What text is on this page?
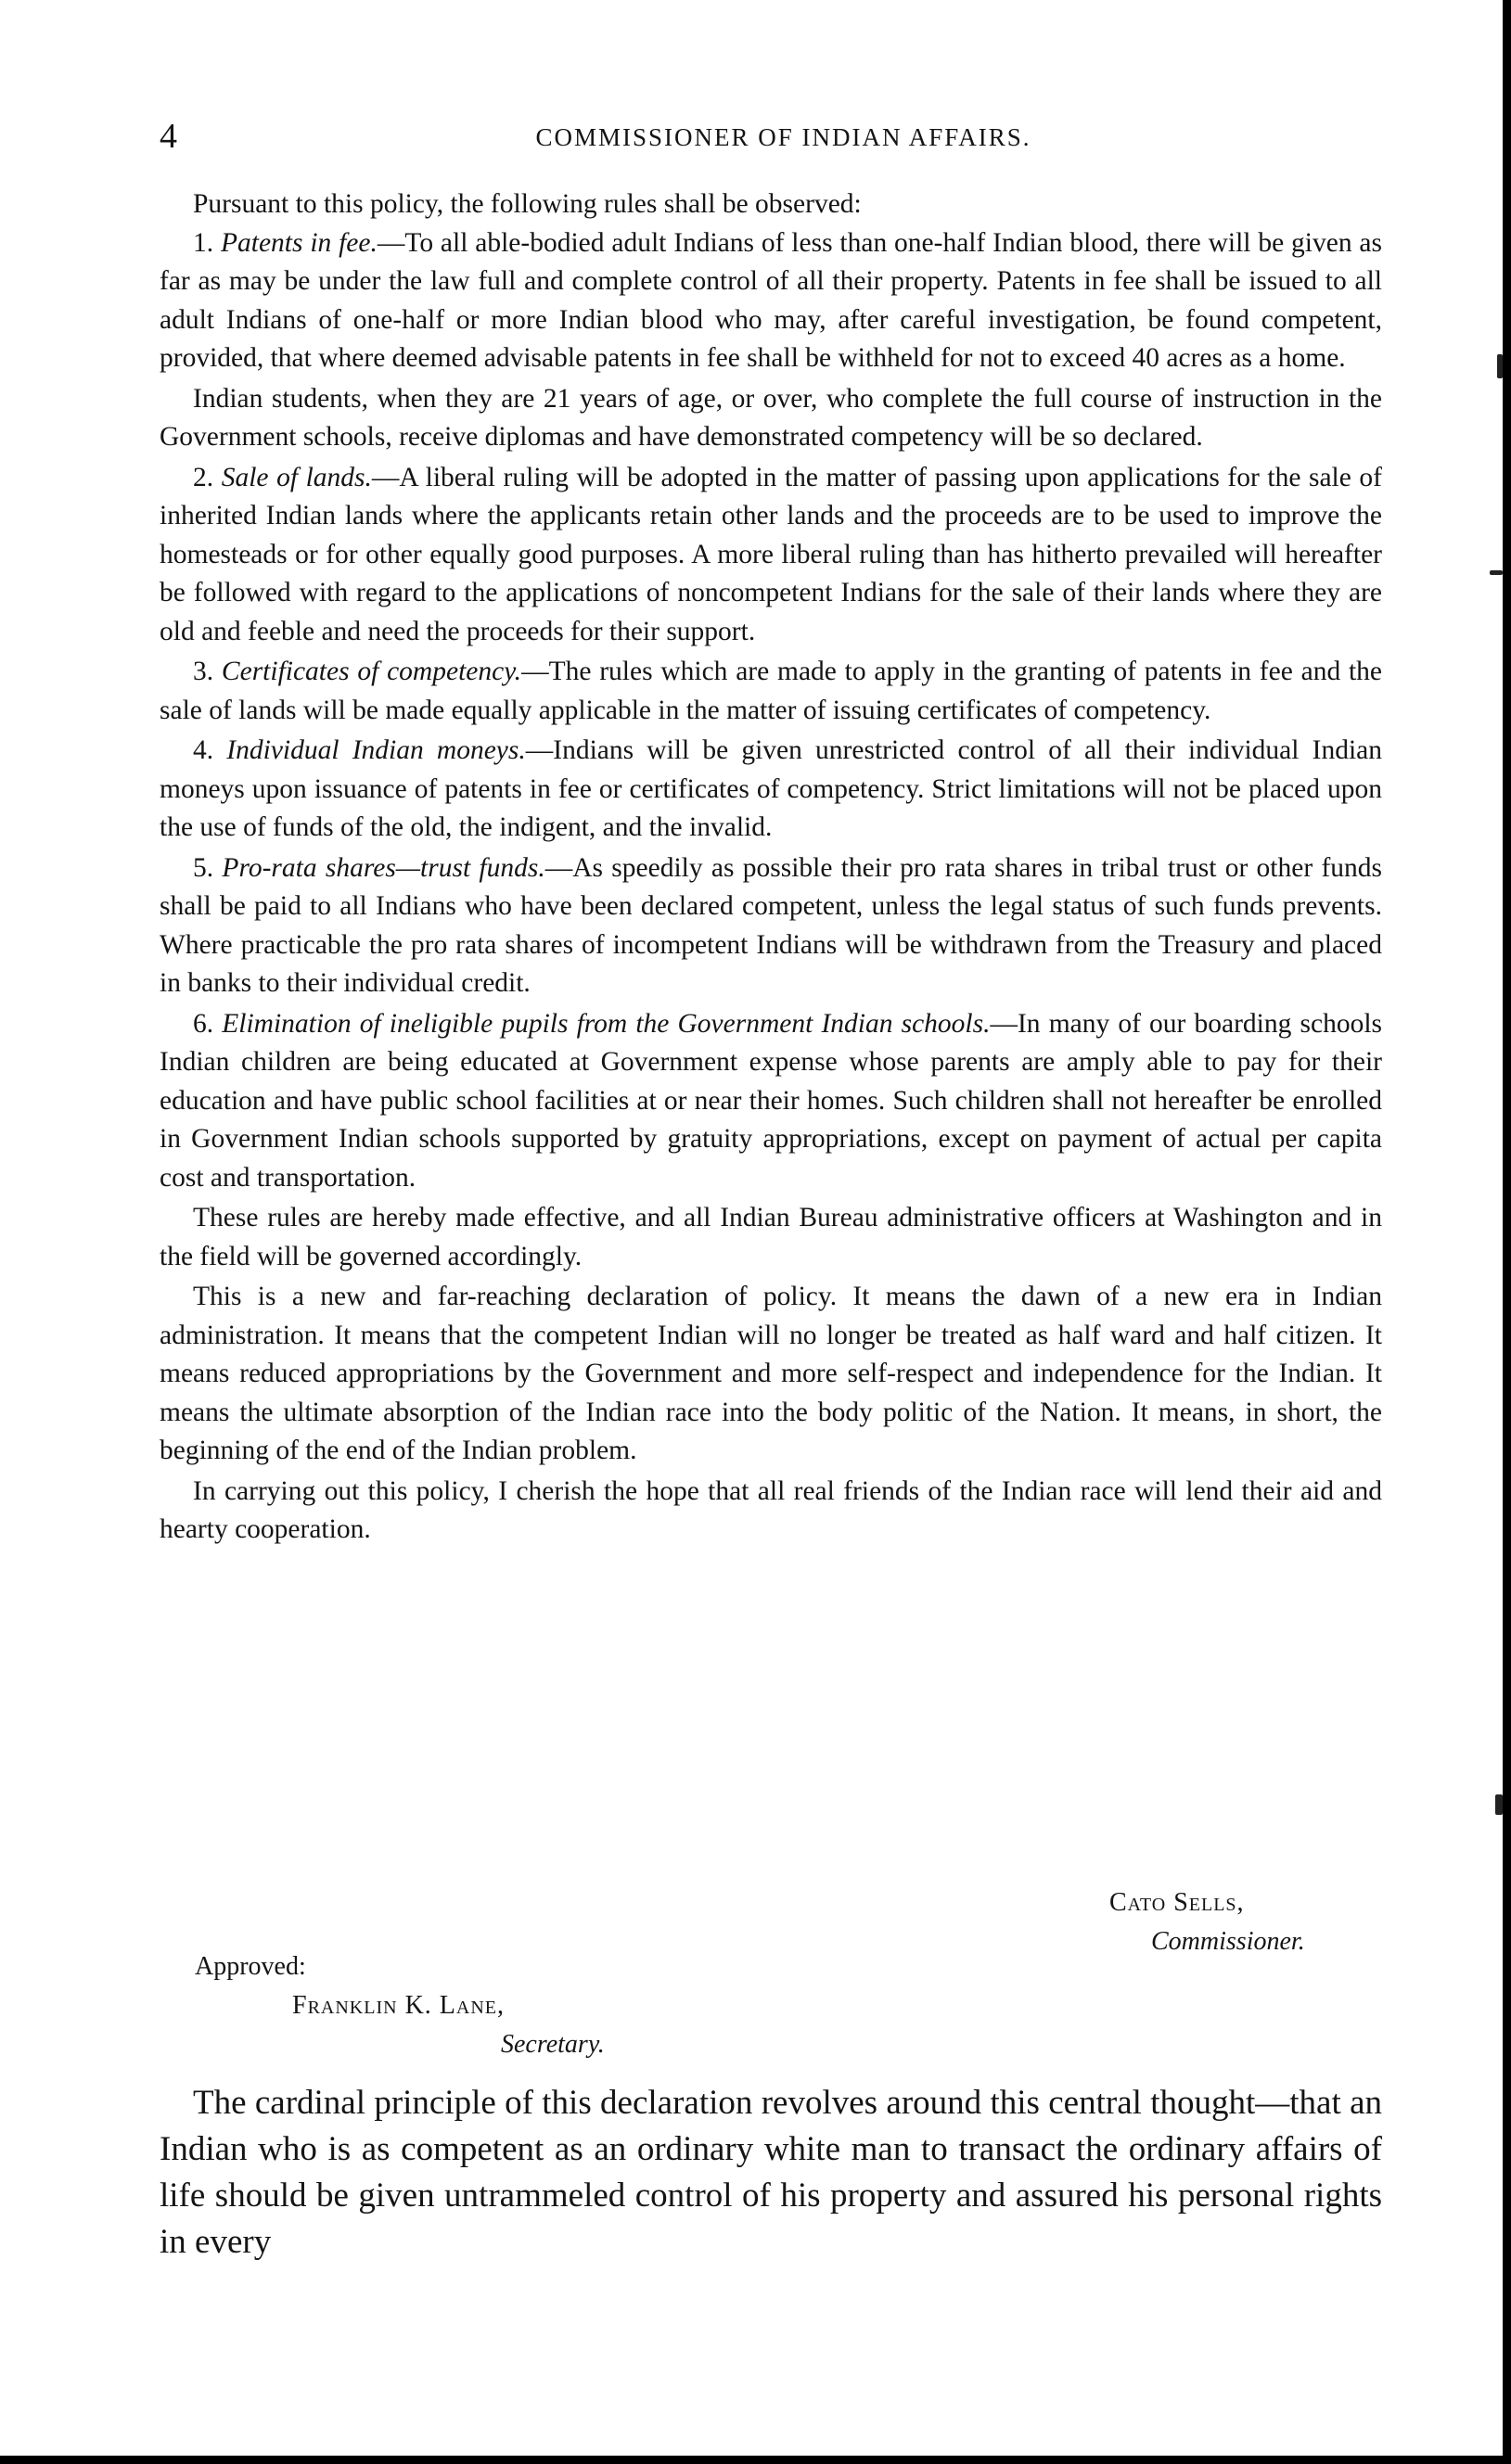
4	COMMISSIONER OF INDIAN AFFAIRS.

Pursuant to this policy, the following rules shall be observed:

1. Patents in fee.—To all able-bodied adult Indians of less than one-half Indian blood, there will be given as far as may be under the law full and complete control of all their property. Patents in fee shall be issued to all adult Indians of one-half or more Indian blood who may, after careful investigation, be found competent, provided, that where deemed advisable patents in fee shall be withheld for not to exceed 40 acres as a home.

Indian students, when they are 21 years of age, or over, who complete the full course of instruction in the Government schools, receive diplomas and have demonstrated competency will be so declared.

2. Sale of lands.—A liberal ruling will be adopted in the matter of passing upon applications for the sale of inherited Indian lands where the applicants retain other lands and the proceeds are to be used to improve the homesteads or for other equally good purposes. A more liberal ruling than has hitherto prevailed will hereafter be followed with regard to the applications of noncompetent Indians for the sale of their lands where they are old and feeble and need the proceeds for their support.

3. Certificates of competency.—The rules which are made to apply in the granting of patents in fee and the sale of lands will be made equally applicable in the matter of issuing certificates of competency.

4. Individual Indian moneys.—Indians will be given unrestricted control of all their individual Indian moneys upon issuance of patents in fee or certificates of competency. Strict limitations will not be placed upon the use of funds of the old, the indigent, and the invalid.

5. Pro-rata shares—trust funds.—As speedily as possible their pro rata shares in tribal trust or other funds shall be paid to all Indians who have been declared competent, unless the legal status of such funds prevents. Where practicable the pro rata shares of incompetent Indians will be withdrawn from the Treasury and placed in banks to their individual credit.

6. Elimination of ineligible pupils from the Government Indian schools.—In many of our boarding schools Indian children are being educated at Government expense whose parents are amply able to pay for their education and have public school facilities at or near their homes. Such children shall not hereafter be enrolled in Government Indian schools supported by gratuity appropriations, except on payment of actual per capita cost and transportation.

These rules are hereby made effective, and all Indian Bureau administrative officers at Washington and in the field will be governed accordingly.

This is a new and far-reaching declaration of policy. It means the dawn of a new era in Indian administration. It means that the competent Indian will no longer be treated as half ward and half citizen. It means reduced appropriations by the Government and more self-respect and independence for the Indian. It means the ultimate absorption of the Indian race into the body politic of the Nation. It means, in short, the beginning of the end of the Indian problem.

In carrying out this policy, I cherish the hope that all real friends of the Indian race will lend their aid and hearty cooperation.

Cato Sells,
Commissioner.
Approved:
Franklin K. Lane,
Secretary.

The cardinal principle of this declaration revolves around this central thought—that an Indian who is as competent as an ordinary white man to transact the ordinary affairs of life should be given untrammeled control of his property and assured his personal rights in every
